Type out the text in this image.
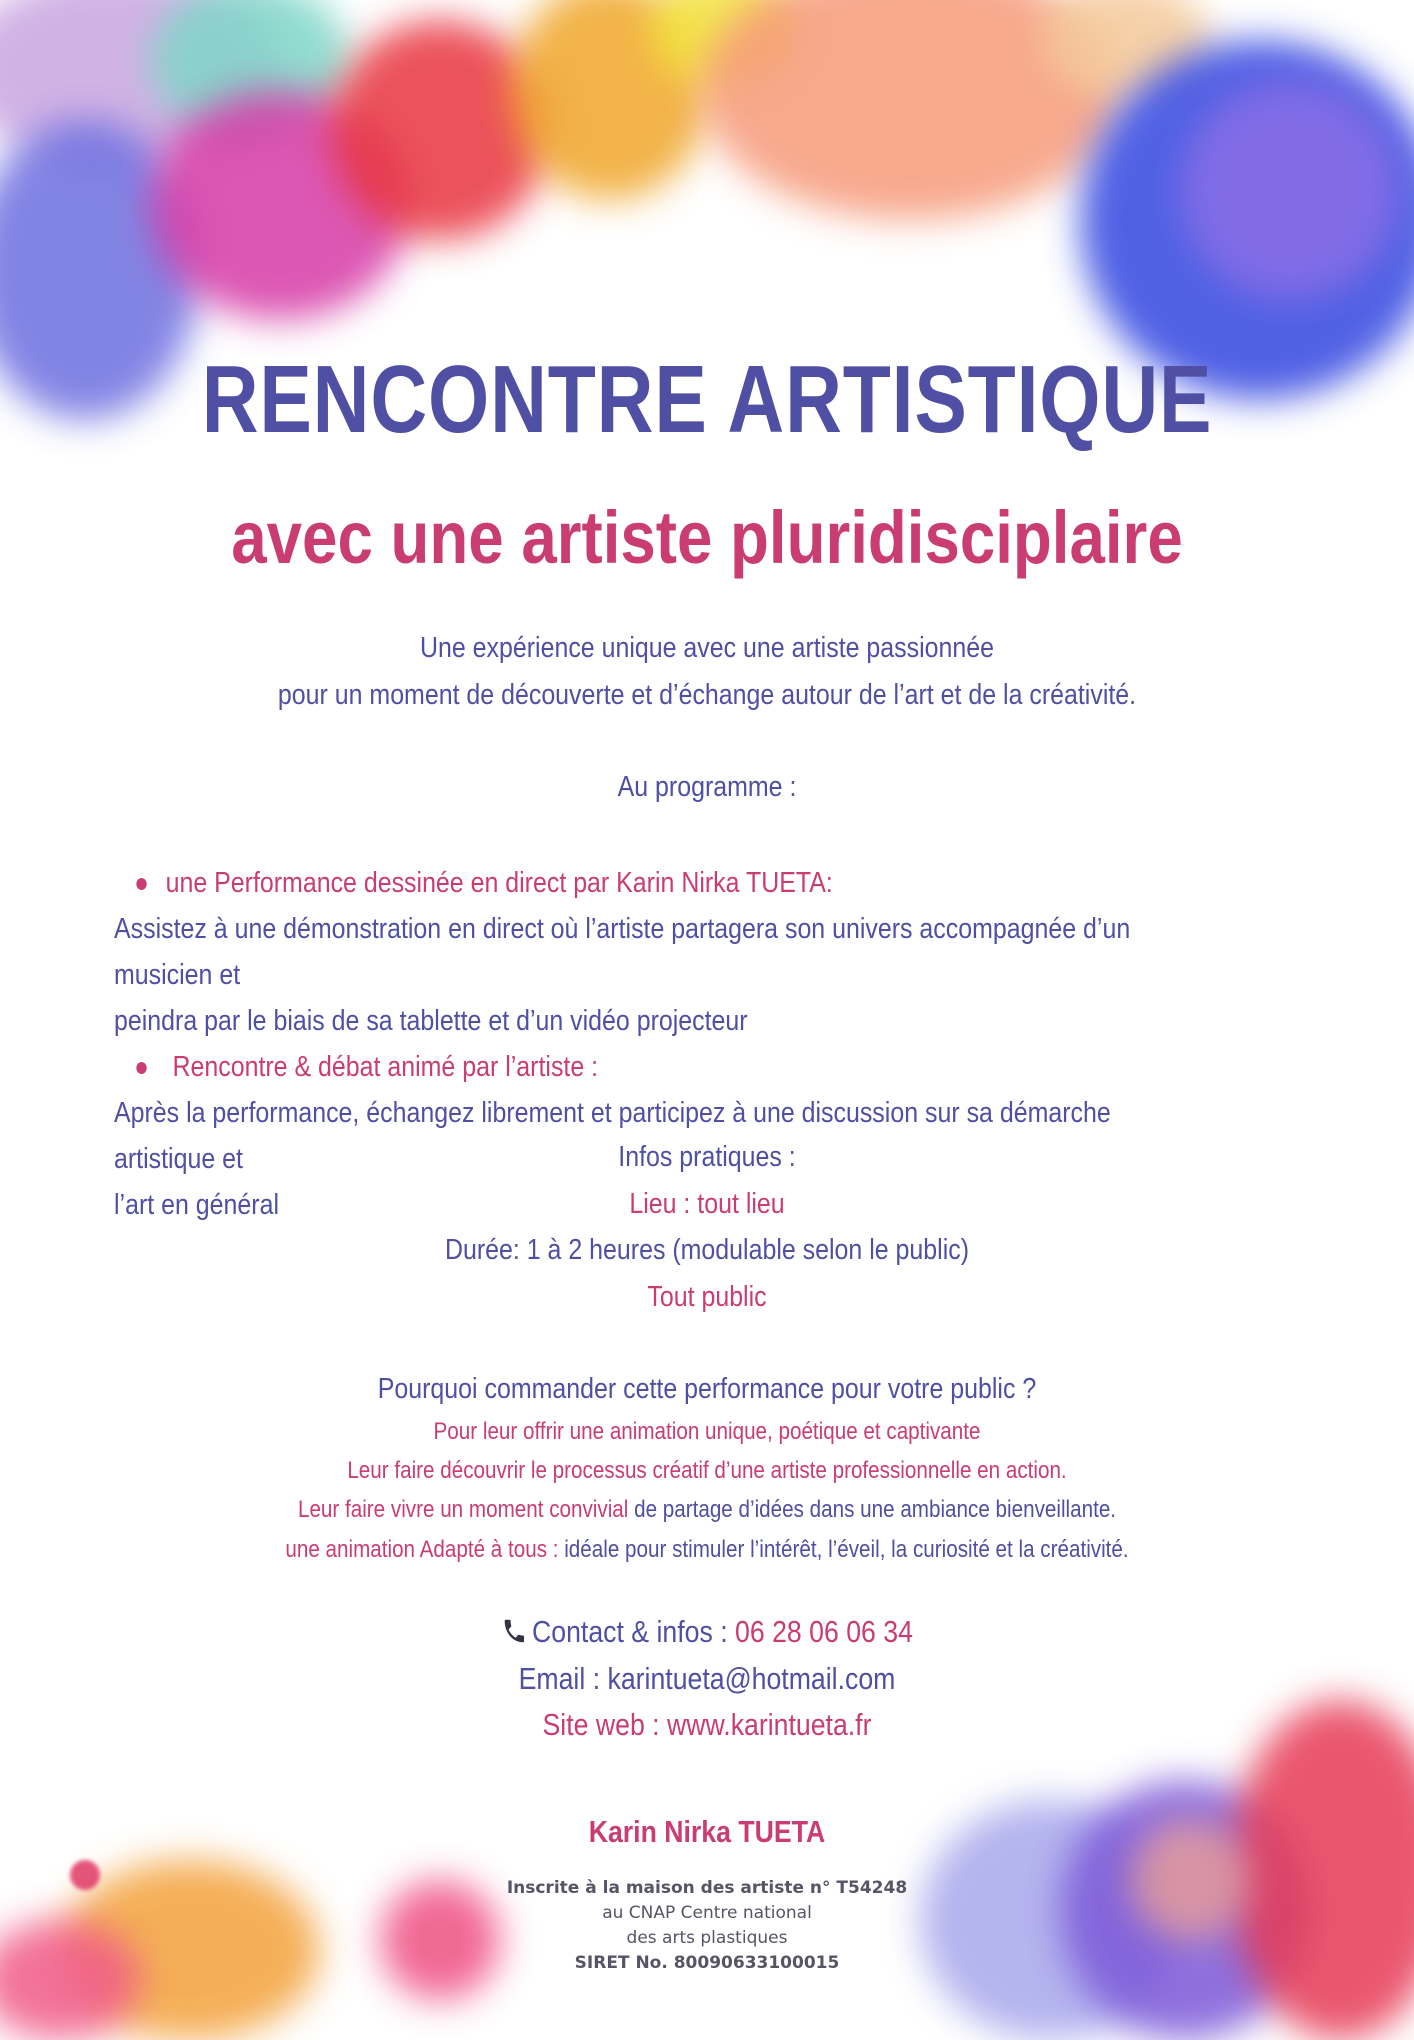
RENCONTRE ARTISTIQUE
avec une artiste pluridisciplaire
Une expérience unique avec une artiste passionnée
pour un moment de découverte et d’échange autour de l’art et de la créativité.
Au programme :
une Performance dessinée en direct par Karin Nirka TUETA:
Assistez à une démonstration en direct où l’artiste partagera son univers accompagnée d’un musicien et
peindra par le biais de sa tablette et d’un vidéo projecteur
Rencontre & débat animé par l’artiste :
Après la performance, échangez librement et participez à une discussion sur sa démarche artistique et
l’art en général
Infos pratiques :
Lieu : tout lieu
Durée: 1 à 2 heures (modulable selon le public)
Tout public
Pourquoi commander cette performance pour votre public ?
Pour leur offrir une animation unique, poétique et captivante
Leur faire découvrir le processus créatif d’une artiste professionnelle en action.
Leur faire vivre un moment convivial de partage d’idées dans une ambiance bienveillante.
une animation Adapté à tous : idéale pour stimuler l’intérêt, l’éveil, la curiosité et la créativité.
Contact & infos : 06 28 06 06 34
Email : karintueta@hotmail.com
Site web : www.karintueta.fr
Karin Nirka TUETA
Inscrite à la maison des artiste n° T54248
au CNAP Centre national
des arts plastiques
SIRET No. 80090633100015
